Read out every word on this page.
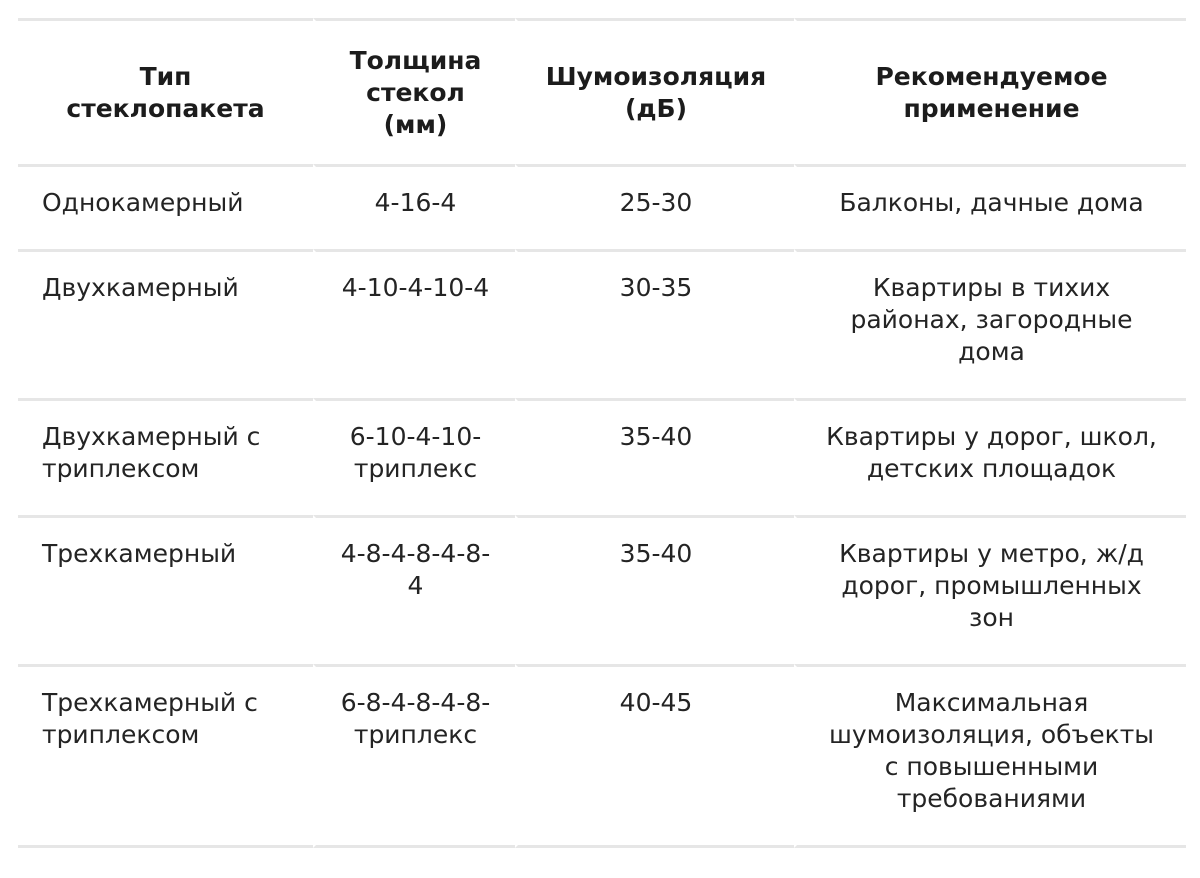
Тип стеклопакета	Толщина стекол (мм)	Шумоизоляция (дБ)	Рекомендуемое применение

Однокамерный	4-16-4	25-30	Балконы, дачные дома
Двухкамерный	4-10-4-10-4	30-35	Квартиры в тихих районах, загородные дома
Двухкамерный с триплексом	6-10-4-10-триплекс	35-40	Квартиры у дорог, школ, детских площадок
Трехкамерный	4-8-4-8-4-8-4	35-40	Квартиры у метро, ж/д дорог, промышленных зон
Трехкамерный с триплексом	6-8-4-8-4-8-триплекс	40-45	Максимальная шумоизоляция, объекты с повышенными требованиями
